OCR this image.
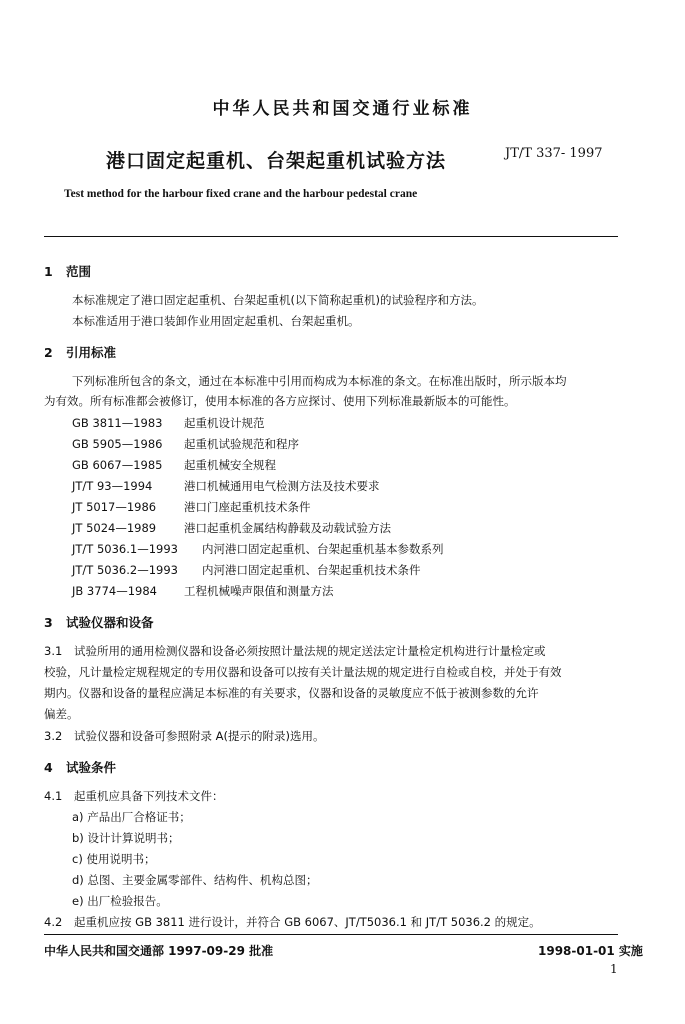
中华人民共和国交通行业标准
港口固定起重机、台架起重机试验方法	JT/T 337- 1997
Test method for the harbour fixed crane and the harbour pedestal crane
1 范围
本标准规定了港口固定起重机、台架起重机(以下简称起重机)的试验程序和方法。
本标准适用于港口装卸作业用固定起重机、台架起重机。
2 引用标准
下列标准所包含的条文，通过在本标准中引用而构成为本标准的条文。在标准出版时，所示版本均
为有效。所有标准都会被修订，使用本标准的各方应探讨、使用下列标准最新版本的可能性。
GB 3811—1983 起重机设计规范
GB 5905—1986 起重机试验规范和程序
GB 6067—1985 起重机械安全规程
JT/T 93—1994	港口机械通用电气检测方法及技术要求
JT 5017—1986 港口门座起重机技术条件
JT 5024—1989 港口起重机金属结构静载及动载试验方法
JT/T 5036.1—1993 内河港口固定起重机、台架起重机基本参数系列
JT/T 5036.2—1993 内河港口固定起重机、台架起重机技术条件
JB 3774—1984 工程机械噪声限值和测量方法
3 试验仪器和设备
3.1 试验所用的通用检测仪器和设备必须按照计量法规的规定送法定计量检定机构进行计量检定或
校验，凡计量检定规程规定的专用仪器和设备可以按有关计量法规的规定进行自检或自校，并处于有效
期内。仪器和设备的量程应满足本标准的有关要求，仪器和设备的灵敏度应不低于被测参数的允许
偏差。
3.2 试验仪器和设备可参照附录 A(提示的附录)选用。
4 试验条件
4.1 起重机应具备下列技术文件：
a) 产品出厂合格证书；
b) 设计计算说明书；
c) 使用说明书；
d) 总图、主要金属零部件、结构件、机构总图；
e) 出厂检验报告。
4.2 起重机应按 GB 3811 进行设计，并符合 GB 6067、JT/T5036.1 和 JT/T 5036.2 的规定。
中华人民共和国交通部 1997-09-29 批准	1998-01-01 实施
1
